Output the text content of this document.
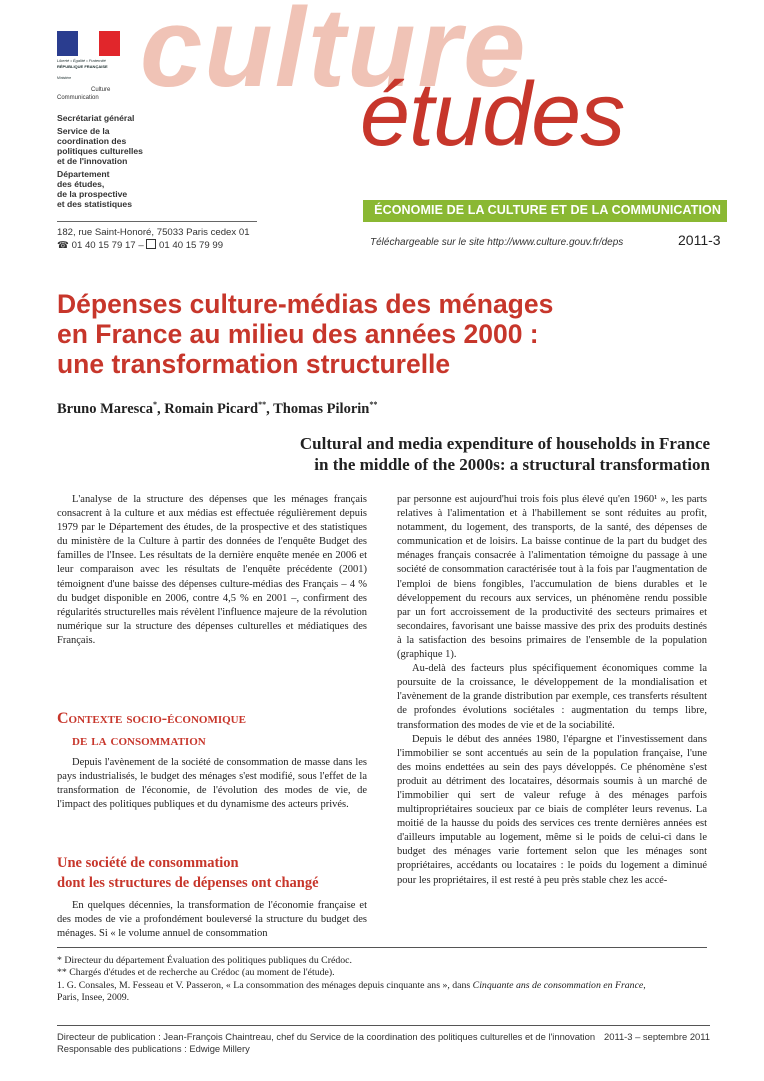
Liberté • Égalité • Fraternité
RÉPUBLIQUE FRANÇAISE
Ministère
Culture
Communication culture
études

Secrétariat général

Service de la
coordination des
politiques culturelles
et de l'innovation

Département
des études,
de la prospective
et des statistiques	ÉCONOMIE DE LA CULTURE ET DE LA COMMUNICATION
182, rue Saint-Honoré, 75033 Paris cedex 01
☎ 01 40 15 79 17 – 01 40 15 79 99	Téléchargeable sur le site http://www.culture.gouv.fr/deps	2011-3
Dépenses culture-médias des ménages
en France au milieu des années 2000 :
une transformation structurelle
Bruno Maresca*, Romain Picard**, Thomas Pilorin**
Cultural and media expenditure of households in France
in the middle of the 2000s: a structural transformation

L'analyse de la structure des dépenses que les ménages français consacrent à la culture et aux médias est effectuée régulièrement depuis 1979 par le Département des études, de la prospective et des statistiques du ministère de la Culture à partir des données de l'enquête Budget des familles de l'Insee. Les résultats de la dernière enquête menée en 2006 et leur comparaison avec les résultats de l'enquête précédente (2001) témoignent d'une baisse des dépenses culture-médias des Français – 4 % du budget disponible en 2006, contre 4,5 % en 2001 –, confirment des régularités structurelles mais révèlent l'influence majeure de la révolution numérique sur la structure des dépenses culturelles et médiatiques des Français.

Contexte socio-économique
de la consommation

Depuis l'avènement de la société de consommation de masse dans les pays industrialisés, le budget des ménages s'est modifié, sous l'effet de la transformation de l'économie, de l'évolution des modes de vie, de l'impact des politiques publiques et du dynamisme des acteurs privés.

Une société de consommation
dont les structures de dépenses ont changé

En quelques décennies, la transformation de l'économie française et des modes de vie a profondément bouleversé la structure du budget des ménages. Si « le volume annuel de consommation

par personne est aujourd'hui trois fois plus élevé qu'en 1960¹ », les parts relatives à l'alimentation et à l'habillement se sont réduites au profit, notamment, du logement, des transports, de la santé, des dépenses de communication et de loisirs. La baisse continue de la part du budget des ménages français consacrée à l'alimentation témoigne du passage à une société de consommation caractérisée tout à la fois par l'augmentation de l'emploi de biens fongibles, l'accumulation de biens durables et le développement du recours aux services, un phénomène rendu possible par un fort accroissement de la productivité des secteurs primaires et secondaires, favorisant une baisse massive des prix des produits destinés à la satisfaction des besoins primaires de l'ensemble de la population (graphique 1).

Au-delà des facteurs plus spécifiquement économiques comme la poursuite de la croissance, le développement de la mondialisation et l'avènement de la grande distribution par exemple, ces transferts résultent de profondes évolutions sociétales : augmentation du temps libre, transformation des modes de vie et de la sociabilité.

Depuis le début des années 1980, l'épargne et l'investissement dans l'immobilier se sont accentués au sein de la population française, l'une des moins endettées au sein des pays développés. Ce phénomène s'est produit au détriment des locataires, désormais soumis à un marché de l'immobilier qui sert de valeur refuge à des ménages parfois multipropriétaires soucieux par ce biais de compléter leurs revenus. La moitié de la hausse du poids des services ces trente dernières années est d'ailleurs imputable au logement, même si le poids de celui-ci dans le budget des ménages varie fortement selon que les ménages sont propriétaires, accédants ou locataires : le poids du logement a diminué pour les propriétaires, il est resté à peu près stable chez les accé-

* Directeur du département Évaluation des politiques publiques du Crédoc.
** Chargés d'études et de recherche au Crédoc (au moment de l'étude).
1. G. Consales, M. Fesseau et V. Passeron, « La consommation des ménages depuis cinquante ans », dans Cinquante ans de consommation en France,
Paris, Insee, 2009.
Directeur de publication : Jean-François Chaintreau, chef du Service de la coordination des politiques culturelles et de l'innovation 2011-3 – septembre 2011
Responsable des publications : Edwige Millery
